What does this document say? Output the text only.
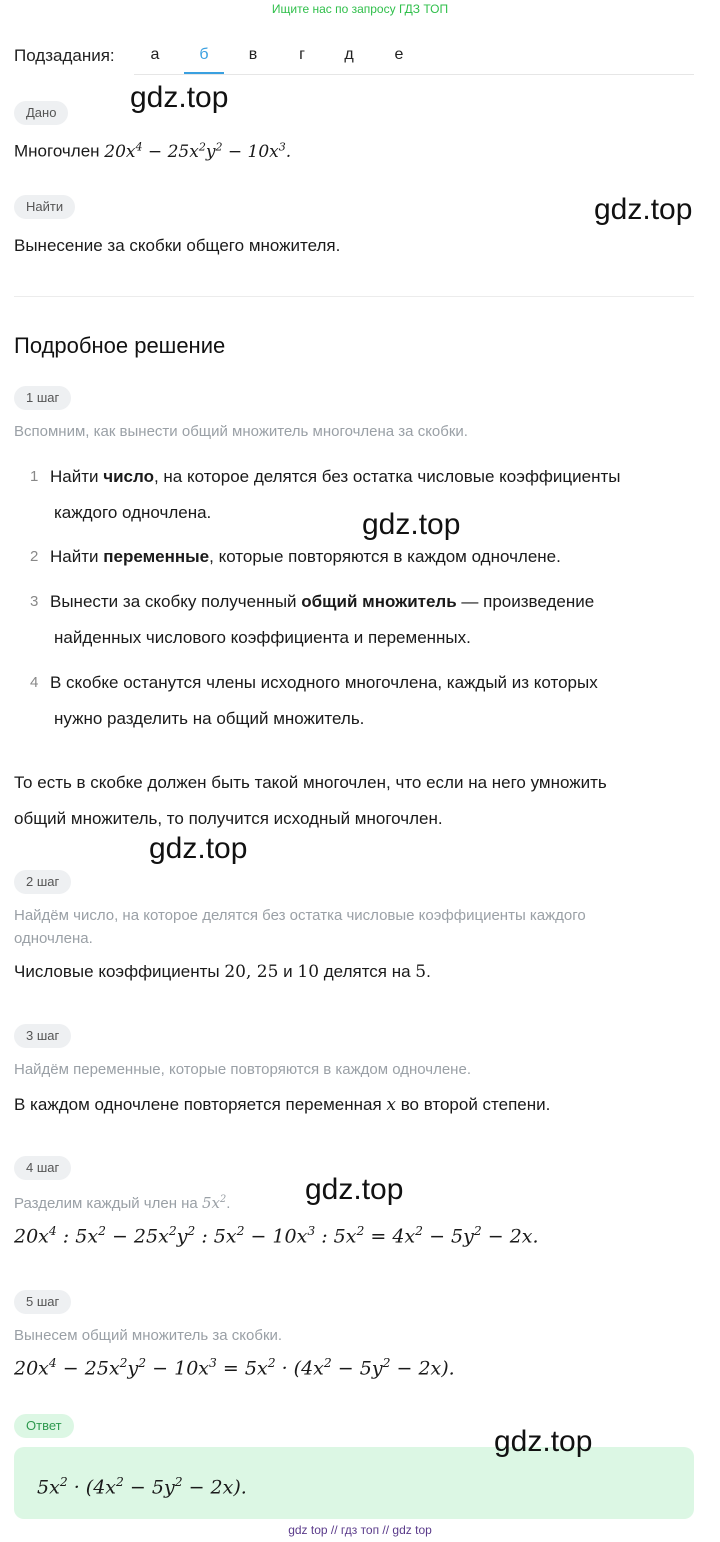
Ищите нас по запросу ГДЗ ТОП
Подзадания:	а	б	в	г	д	е
Дано
Многочлен $20x^4 - 25x^2y^2 - 10x^3$.
Найти
Вынесение за скобки общего множителя.
Подробное решение
1 шаг
Вспомним, как вынести общий множитель многочлена за скобки.
1 Найти число, на которое делятся без остатка числовые коэффициенты
каждого одночлена.
2 Найти переменные, которые повторяются в каждом одночлене.
3 Вынести за скобку полученный общий множитель — произведение
найденных числового коэффициента и переменных.
4 В скобке останутся члены исходного многочлена, каждый из которых
нужно разделить на общий множитель.
То есть в скобке должен быть такой многочлен, что если на него умножить
общий множитель, то получится исходный многочлен.
2 шаг
Найдём число, на которое делятся без остатка числовые коэффициенты каждого
одночлена.
Числовые коэффициенты 20, 25 и 10 делятся на 5.
3 шаг
Найдём переменные, которые повторяются в каждом одночлене.
В каждом одночлене повторяется переменная x во второй степени.
4 шаг
Разделим каждый член на $5x^2$.
$20x^4$ : $5x^2 - 25x^2y^2$ : $5x^2 - 10x^3$ : $5x^2 = 4x^2 - 5y^2 - 2x$.
5 шаг
Вынесем общий множитель за скобки.
$20x^4 - 25x^2y^2 - 10x^3 = 5x^2 \cdot (4x^2 - 5y^2 - 2x)$.
Ответ
$5x^2 \cdot (4x^2 - 5y^2 - 2x)$.
gdz.top
gdz.top
gdz.top
gdz.top
gdz.top
gdz.top
gdz top // гдз топ // gdz top
